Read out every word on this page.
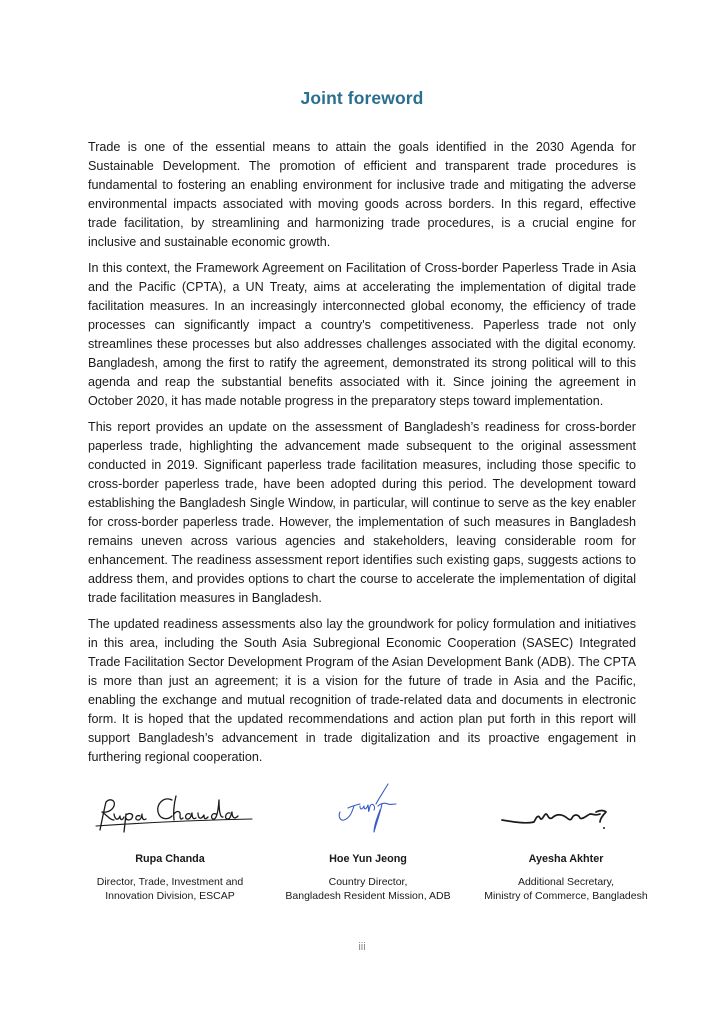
Joint foreword

Trade is one of the essential means to attain the goals identified in the 2030 Agenda for Sustainable Development. The promotion of efficient and transparent trade procedures is fundamental to fostering an enabling environment for inclusive trade and mitigating the adverse environmental impacts associated with moving goods across borders. In this regard, effective trade facilitation, by streamlining and harmonizing trade procedures, is a crucial engine for inclusive and sustainable economic growth.

In this context, the Framework Agreement on Facilitation of Cross-border Paperless Trade in Asia and the Pacific (CPTA), a UN Treaty, aims at accelerating the implementation of digital trade facilitation measures. In an increasingly interconnected global economy, the efficiency of trade processes can significantly impact a country's competitiveness. Paperless trade not only streamlines these processes but also addresses challenges associated with the digital economy. Bangladesh, among the first to ratify the agreement, demonstrated its strong political will to this agenda and reap the substantial benefits associated with it. Since joining the agreement in October 2020, it has made notable progress in the preparatory steps toward implementation.

This report provides an update on the assessment of Bangladesh’s readiness for cross-border paperless trade, highlighting the advancement made subsequent to the original assessment conducted in 2019. Significant paperless trade facilitation measures, including those specific to cross-border paperless trade, have been adopted during this period. The development toward establishing the Bangladesh Single Window, in particular, will continue to serve as the key enabler for cross-border paperless trade. However, the implementation of such measures in Bangladesh remains uneven across various agencies and stakeholders, leaving considerable room for enhancement. The readiness assessment report identifies such existing gaps, suggests actions to address them, and provides options to chart the course to accelerate the implementation of digital trade facilitation measures in Bangladesh.

The updated readiness assessments also lay the groundwork for policy formulation and initiatives in this area, including the South Asia Subregional Economic Cooperation (SASEC) Integrated Trade Facilitation Sector Development Program of the Asian Development Bank (ADB). The CPTA is more than just an agreement; it is a vision for the future of trade in Asia and the Pacific, enabling the exchange and mutual recognition of trade-related data and documents in electronic form. It is hoped that the updated recommendations and action plan put forth in this report will support Bangladesh’s advancement in trade digitalization and its proactive engagement in furthering regional cooperation.

Rupa Chanda
Director, Trade, Investment and
Innovation Division, ESCAP
Hoe Yun Jeong
Country Director,
Bangladesh Resident Mission, ADB
Ayesha Akhter
Additional Secretary,
Ministry of Commerce, Bangladesh
iii
